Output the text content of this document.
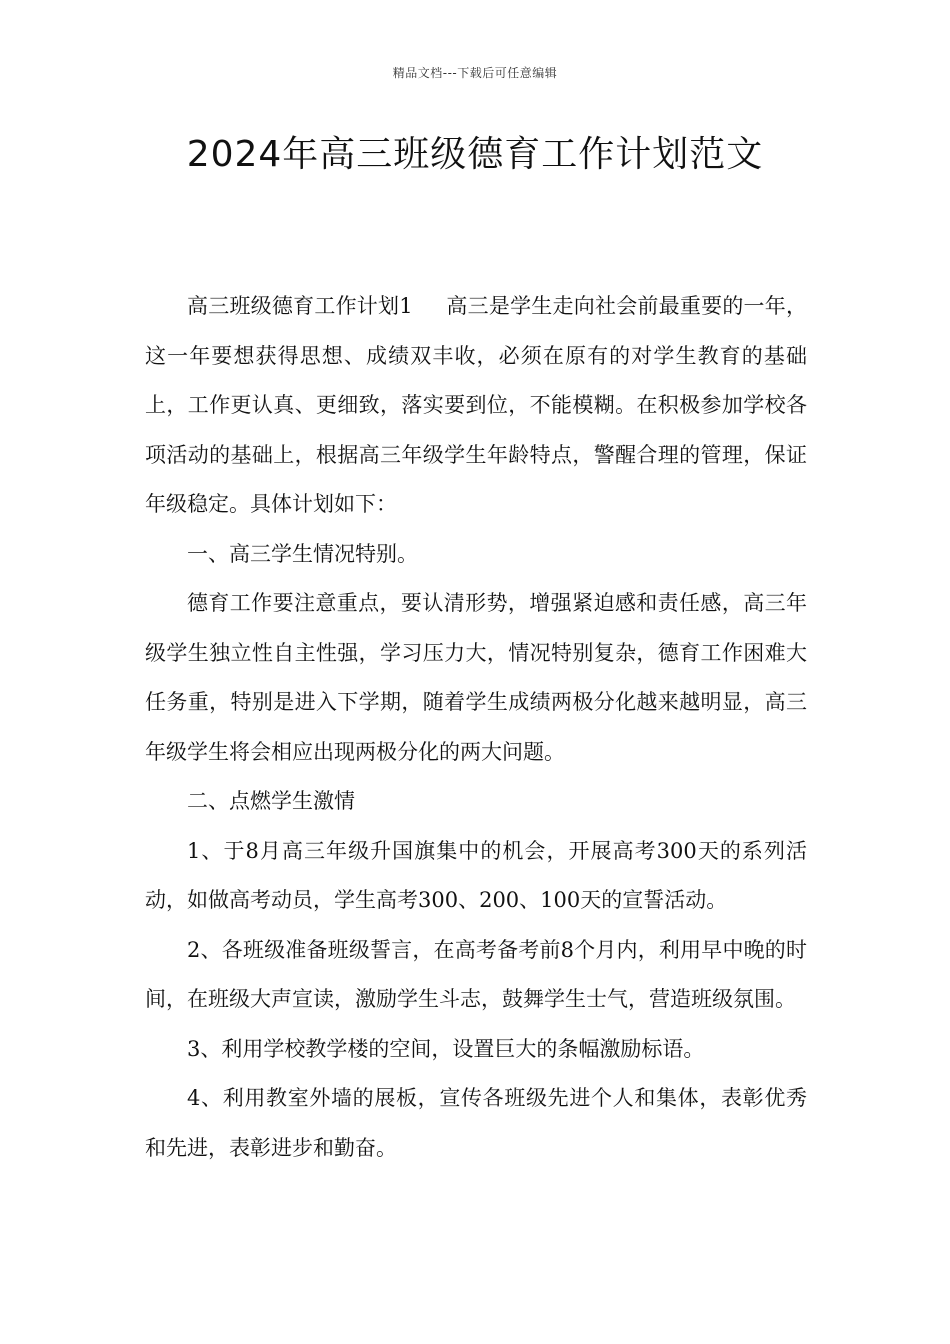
精品文档---下载后可任意编辑
2024年高三班级德育工作计划范文

高三班级德育工作计划1 高三是学生走向社会前最重要的一年，这一年要想获得思想、成绩双丰收，必须在原有的对学生教育的基础上，工作更认真、更细致，落实要到位，不能模糊。在积极参加学校各项活动的基础上，根据高三年级学生年龄特点，警醒合理的管理，保证年级稳定。具体计划如下：

一、高三学生情况特别。

德育工作要注意重点，要认清形势，增强紧迫感和责任感，高三年级学生独立性自主性强，学习压力大，情况特别复杂，德育工作困难大任务重，特别是进入下学期，随着学生成绩两极分化越来越明显，高三年级学生将会相应出现两极分化的两大问题。

二、点燃学生激情

1、于8月高三年级升国旗集中的机会，开展高考300天的系列活动，如做高考动员，学生高考300、200、100天的宣誓活动。

2、各班级准备班级誓言，在高考备考前8个月内，利用早中晚的时间，在班级大声宣读，激励学生斗志，鼓舞学生士气，营造班级氛围。

3、利用学校教学楼的空间，设置巨大的条幅激励标语。

4、利用教室外墙的展板，宣传各班级先进个人和集体，表彰优秀和先进，表彰进步和勤奋。
